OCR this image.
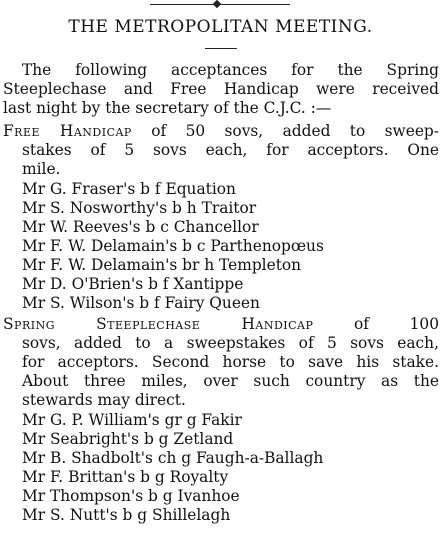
THE METROPOLITAN MEETING.
The following acceptances for the Spring
Steeplechase and Free Handicap were received
last night by the secretary of the C.J.C. :—
Free Handicap of 50 sovs, added to sweep-
stakes of 5 sovs each, for acceptors. One
mile.
Mr G. Fraser's b f Equation
Mr S. Nosworthy's b h Traitor
Mr W. Reeves's b c Chancellor
Mr F. W. Delamain's b c Parthenopœus
Mr F. W. Delamain's br h Templeton
Mr D. O'Brien's b f Xantippe
Mr S. Wilson's b f Fairy Queen
Spring Steeplechase Handicap of 100
sovs, added to a sweepstakes of 5 sovs each,
for acceptors. Second horse to save his stake.
About three miles, over such country as the
stewards may direct.
Mr G. P. William's gr g Fakir
Mr Seabright's b g Zetland
Mr B. Shadbolt's ch g Faugh-a-Ballagh
Mr F. Brittan's b g Royalty
Mr Thompson's b g Ivanhoe
Mr S. Nutt's b g Shillelagh
